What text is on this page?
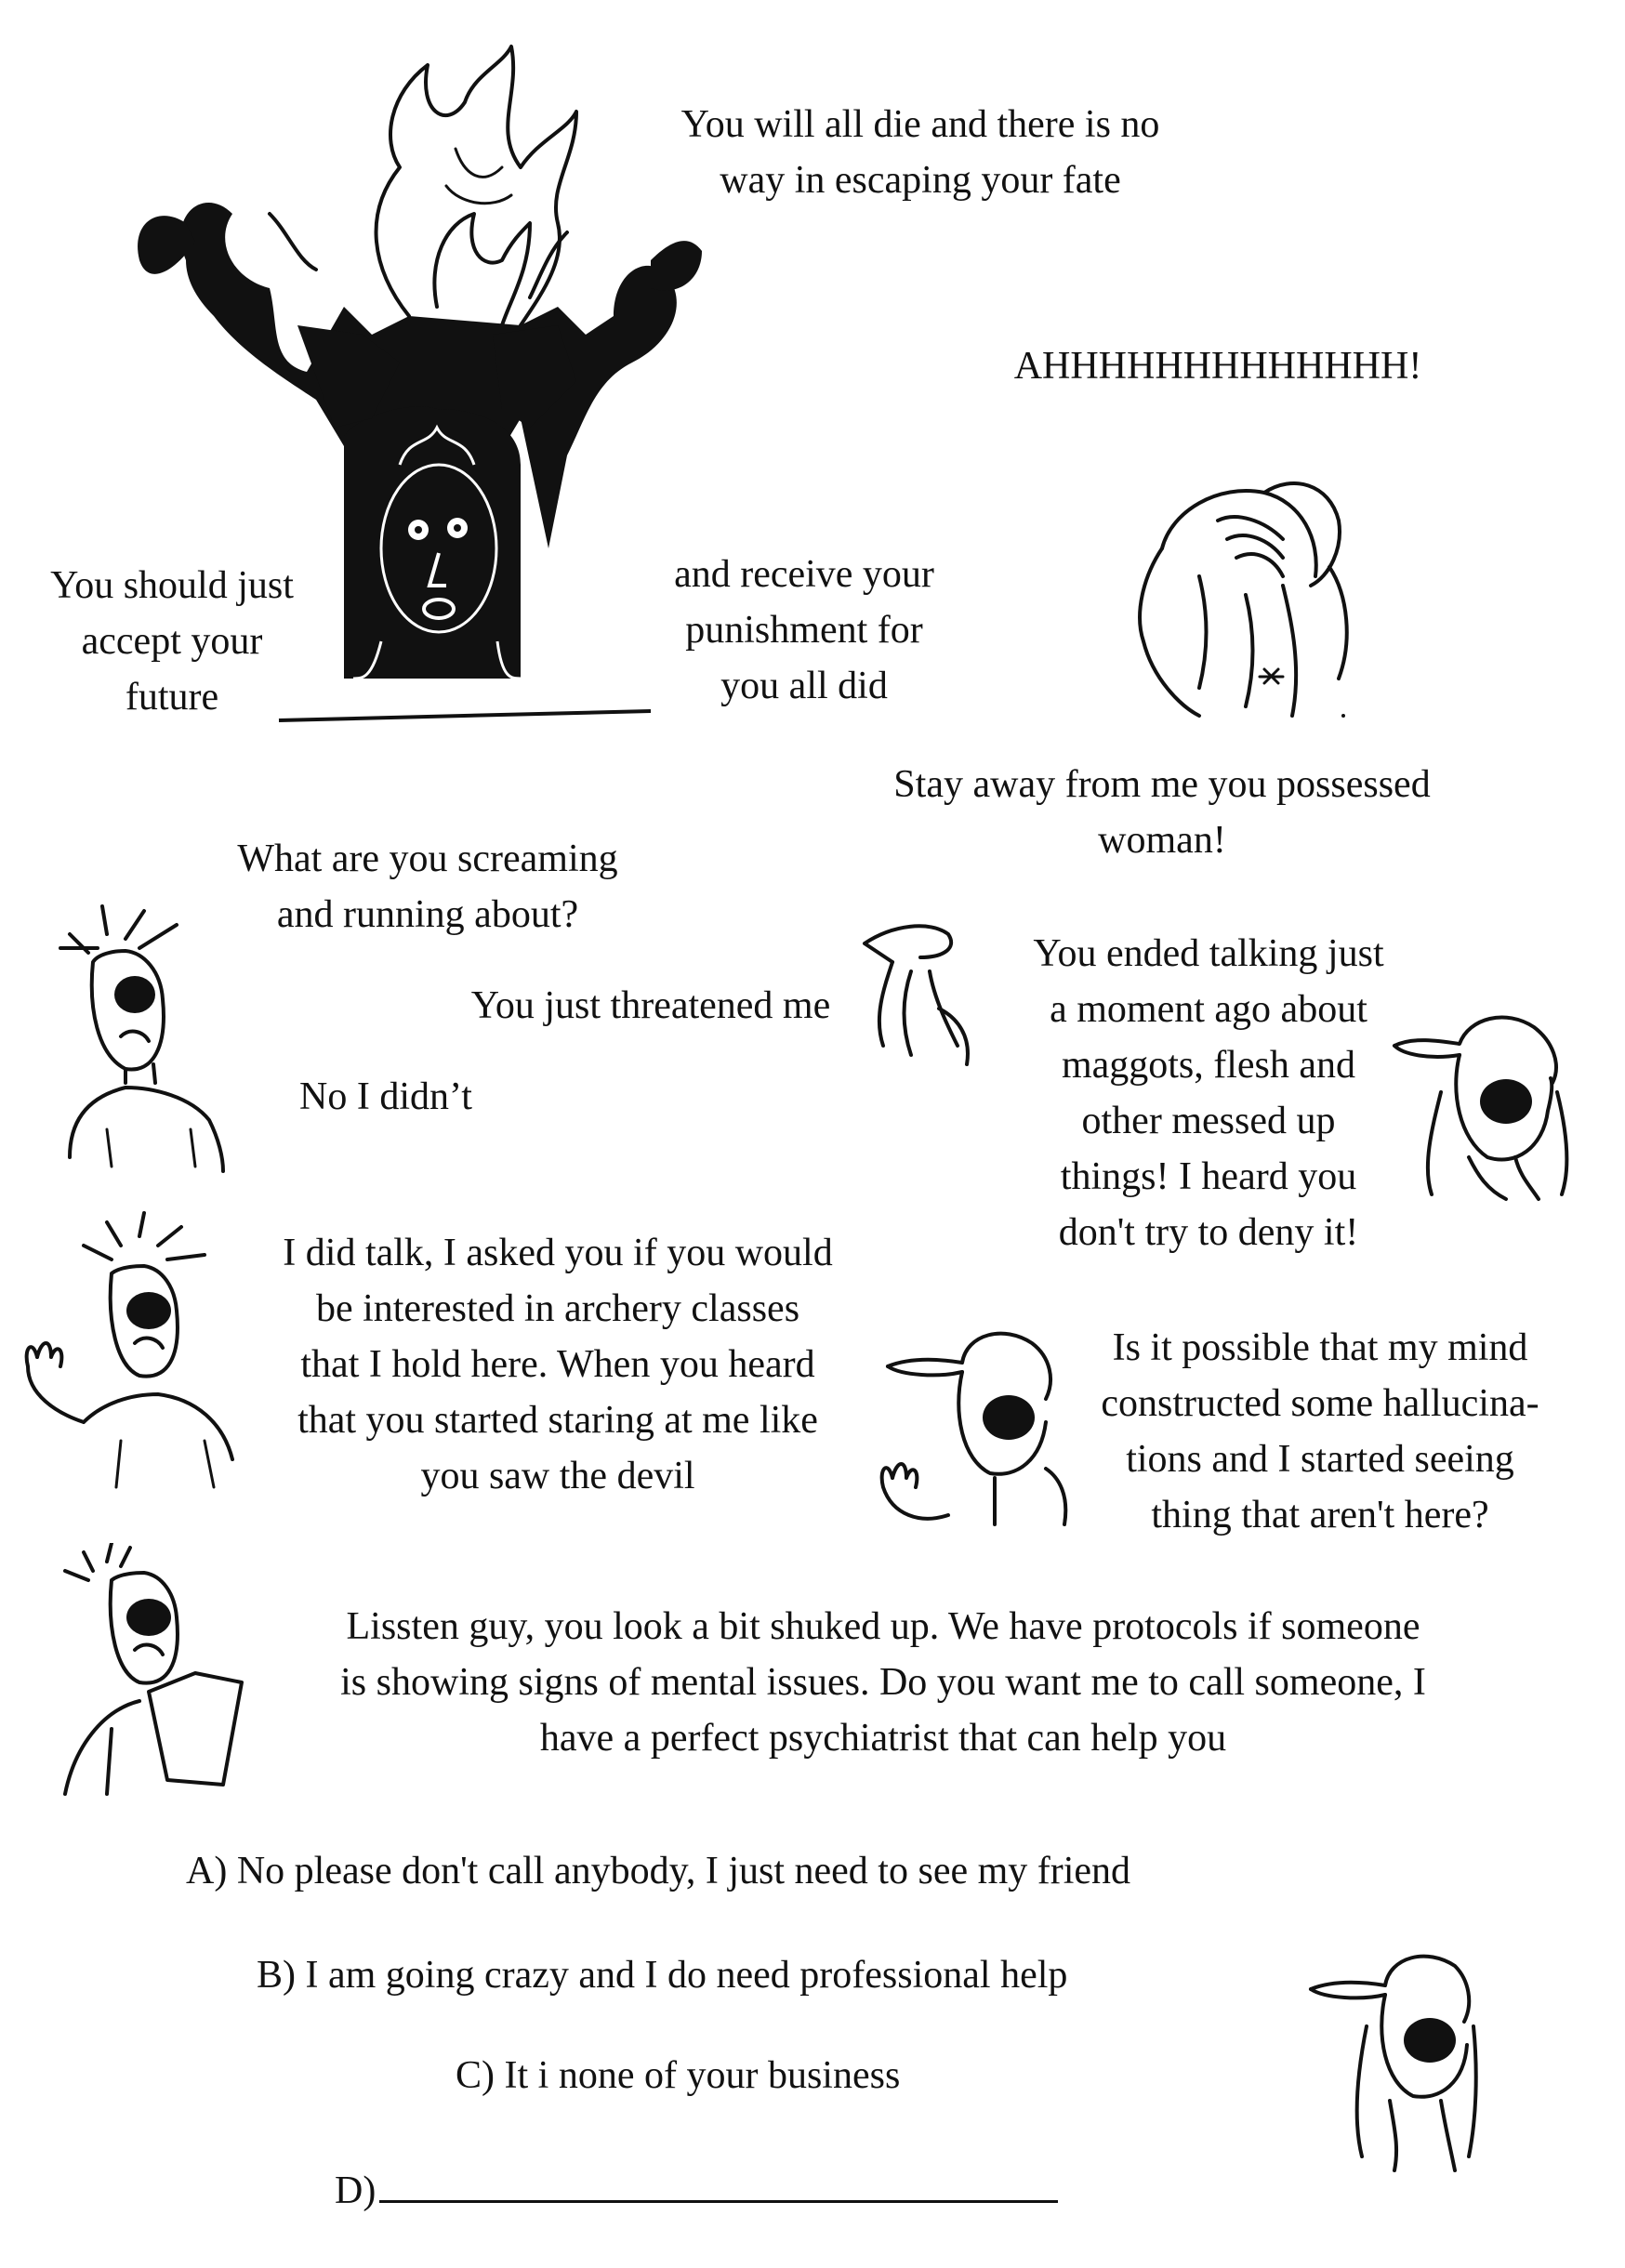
You will all die and there is no
way in escaping your fate
AHHHHHHHHHHHHH!
You should just
accept your
future
and receive your
punishment for
you all did
Stay away from me you possessed
woman!
What are you screaming
and running about?
You just threatened me
No I didn’t
You ended talking just
a moment ago about
maggots, flesh and
other messed up
things! I heard you
don't try to deny it!
I did talk, I asked you if you would
be interested in archery classes
that I hold here. When you heard
that you started staring at me like
you saw the devil
Is it possible that my mind
constructed some hallucina-
tions and I started seeing
thing that aren't here?
Lissten guy, you look a bit shuked up. We have protocols if someone
is showing signs of mental issues. Do you want me to call someone, I
have a perfect psychiatrist that can help you
A) No please don't call anybody, I just need to see my friend
B) I am going crazy and I do need professional help
C) It i none of your business
D)
